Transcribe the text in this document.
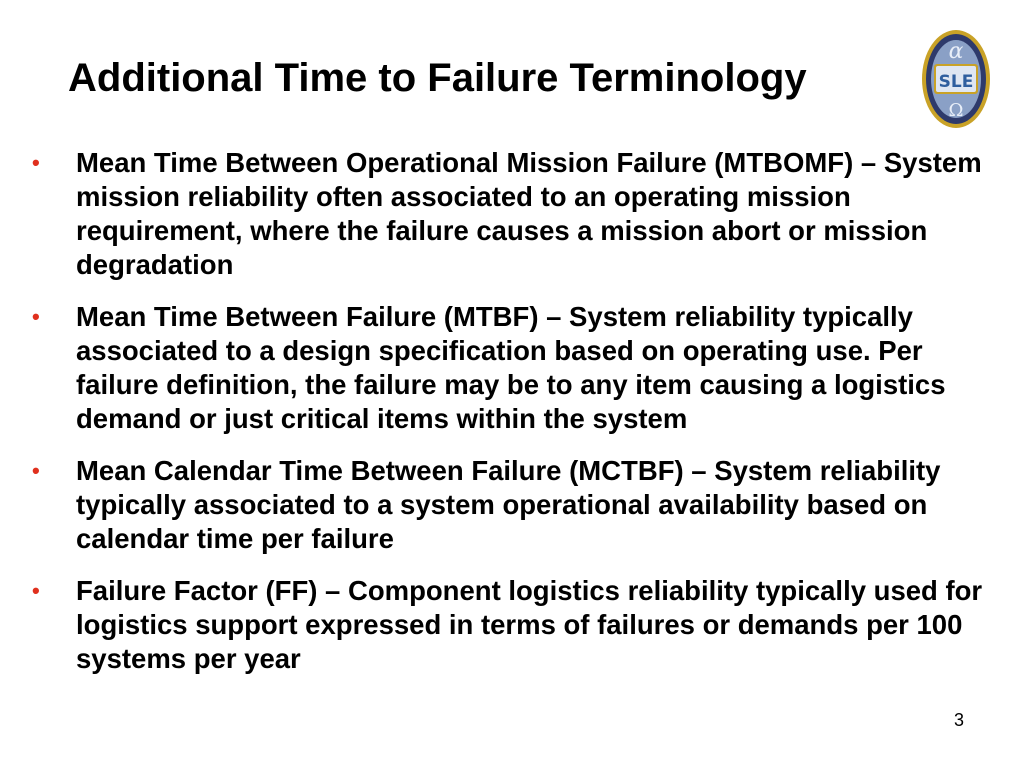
Additional Time to Failure Terminology
α
SLE
Ω
• Mean Time Between Operational Mission Failure (MTBOMF) – System mission reliability often associated to an operating mission requirement, where the failure causes a mission abort or mission degradation
• Mean Time Between Failure (MTBF) – System reliability typically associated to a design specification based on operating use. Per failure definition, the failure may be to any item causing a logistics demand or just critical items within the system
• Mean Calendar Time Between Failure (MCTBF) – System reliability typically associated to a system operational availability based on calendar time per failure
• Failure Factor (FF) – Component logistics reliability typically used for logistics support expressed in terms of failures or demands per 100 systems per year
3
